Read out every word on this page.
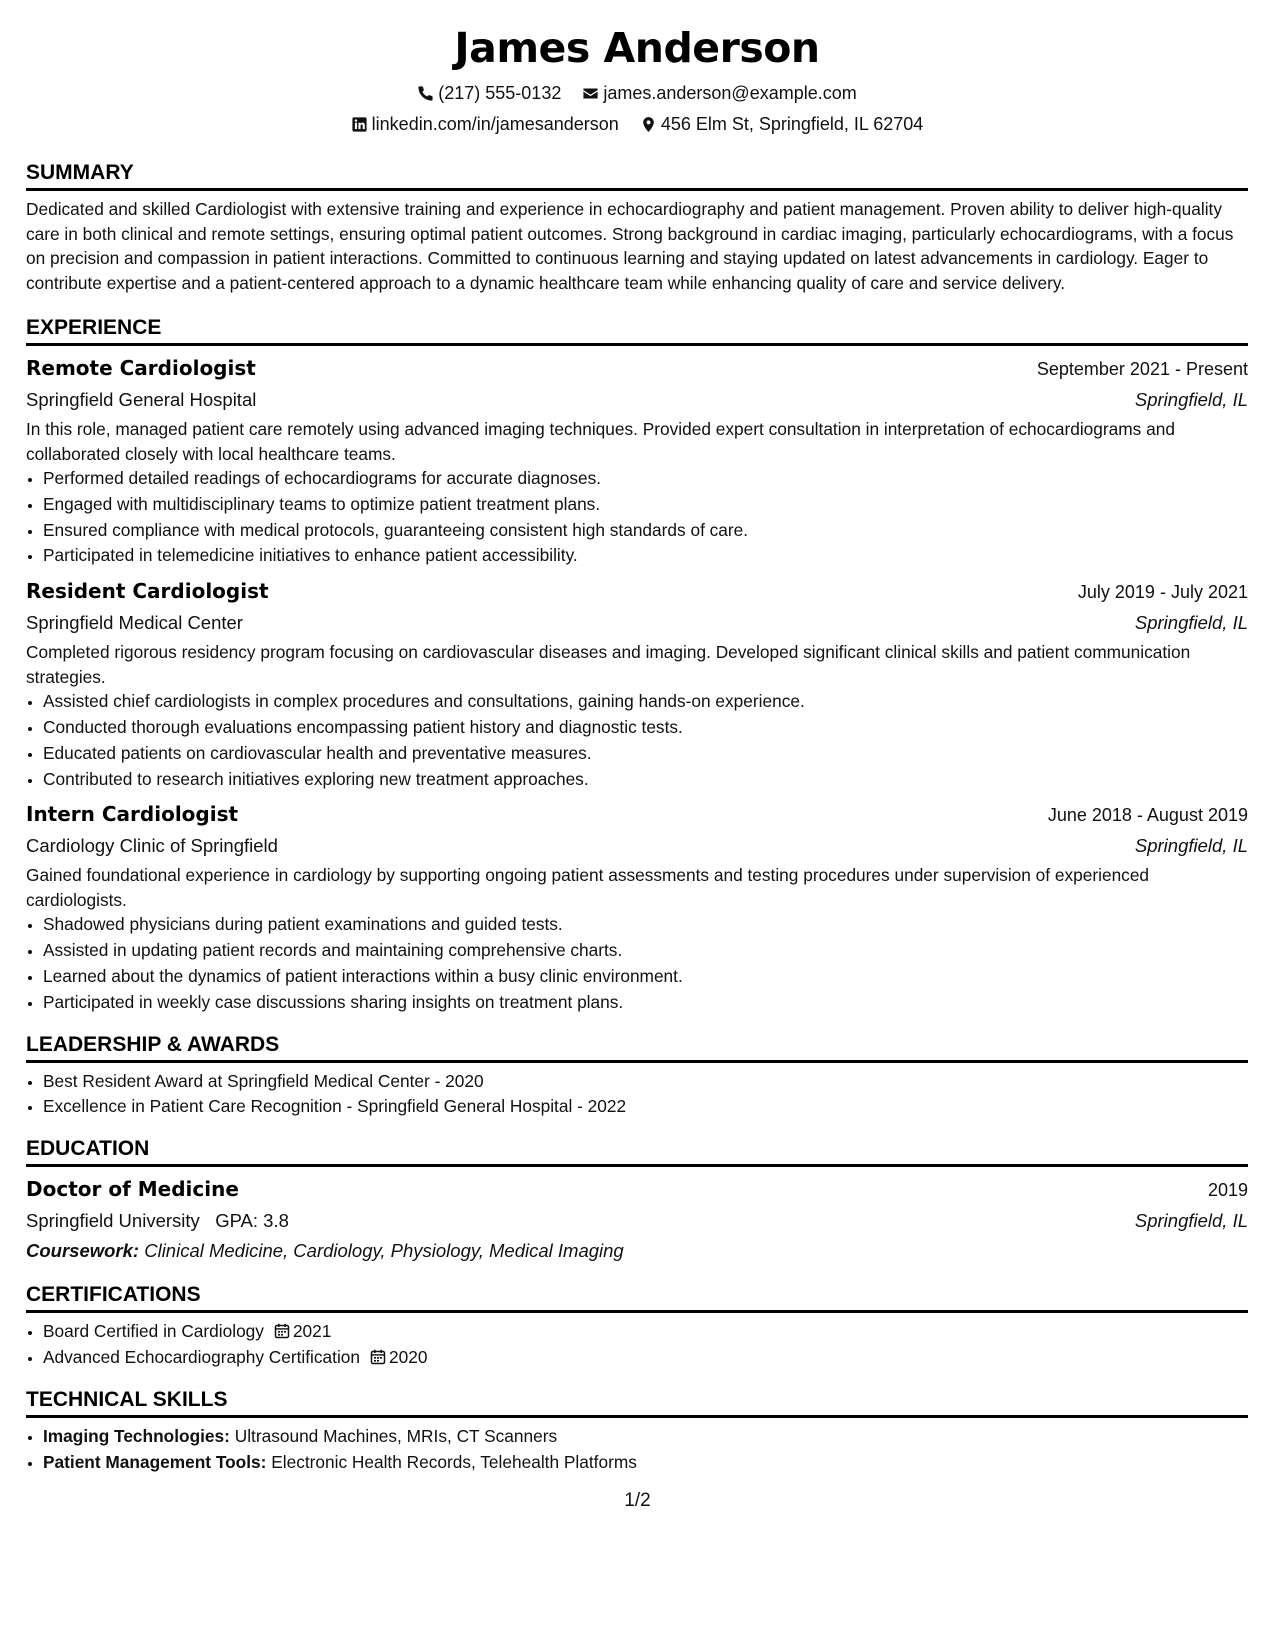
James Anderson
(217) 555-0132 james.anderson@example.com
linkedin.com/in/jamesanderson 456 Elm St, Springfield, IL 62704
SUMMARY

Dedicated and skilled Cardiologist with extensive training and experience in echocardiography and patient management. Proven ability to deliver high-quality care in both clinical and remote settings, ensuring optimal patient outcomes. Strong background in cardiac imaging, particularly echocardiograms, with a focus on precision and compassion in patient interactions. Committed to continuous learning and staying updated on latest advancements in cardiology. Eager to contribute expertise and a patient-centered approach to a dynamic healthcare team while enhancing quality of care and service delivery.

EXPERIENCE
Remote Cardiologist	September 2021 - Present
Springfield General Hospital	Springfield, IL

In this role, managed patient care remotely using advanced imaging techniques. Provided expert consultation in interpretation of echocardiograms and collaborated closely with local healthcare teams.

• Performed detailed readings of echocardiograms for accurate diagnoses.
• Engaged with multidisciplinary teams to optimize patient treatment plans.
• Ensured compliance with medical protocols, guaranteeing consistent high standards of care.
• Participated in telemedicine initiatives to enhance patient accessibility.
Resident Cardiologist	July 2019 - July 2021
Springfield Medical Center	Springfield, IL

Completed rigorous residency program focusing on cardiovascular diseases and imaging. Developed significant clinical skills and patient communication strategies.

• Assisted chief cardiologists in complex procedures and consultations, gaining hands-on experience.
• Conducted thorough evaluations encompassing patient history and diagnostic tests.
• Educated patients on cardiovascular health and preventative measures.
• Contributed to research initiatives exploring new treatment approaches.
Intern Cardiologist	June 2018 - August 2019
Cardiology Clinic of Springfield	Springfield, IL

Gained foundational experience in cardiology by supporting ongoing patient assessments and testing procedures under supervision of experienced cardiologists.

• Shadowed physicians during patient examinations and guided tests.
• Assisted in updating patient records and maintaining comprehensive charts.
• Learned about the dynamics of patient interactions within a busy clinic environment.
• Participated in weekly case discussions sharing insights on treatment plans.
LEADERSHIP & AWARDS
• Best Resident Award at Springfield Medical Center - 2020
• Excellence in Patient Care Recognition - Springfield General Hospital - 2022
EDUCATION
Doctor of Medicine	2019
Springfield University GPA: 3.8	Springfield, IL
Coursework: Clinical Medicine, Cardiology, Physiology, Medical Imaging
CERTIFICATIONS
• Board Certified in Cardiology 2021
• Advanced Echocardiography Certification 2020
TECHNICAL SKILLS
• Imaging Technologies: Ultrasound Machines, MRIs, CT Scanners
• Patient Management Tools: Electronic Health Records, Telehealth Platforms
1/2
